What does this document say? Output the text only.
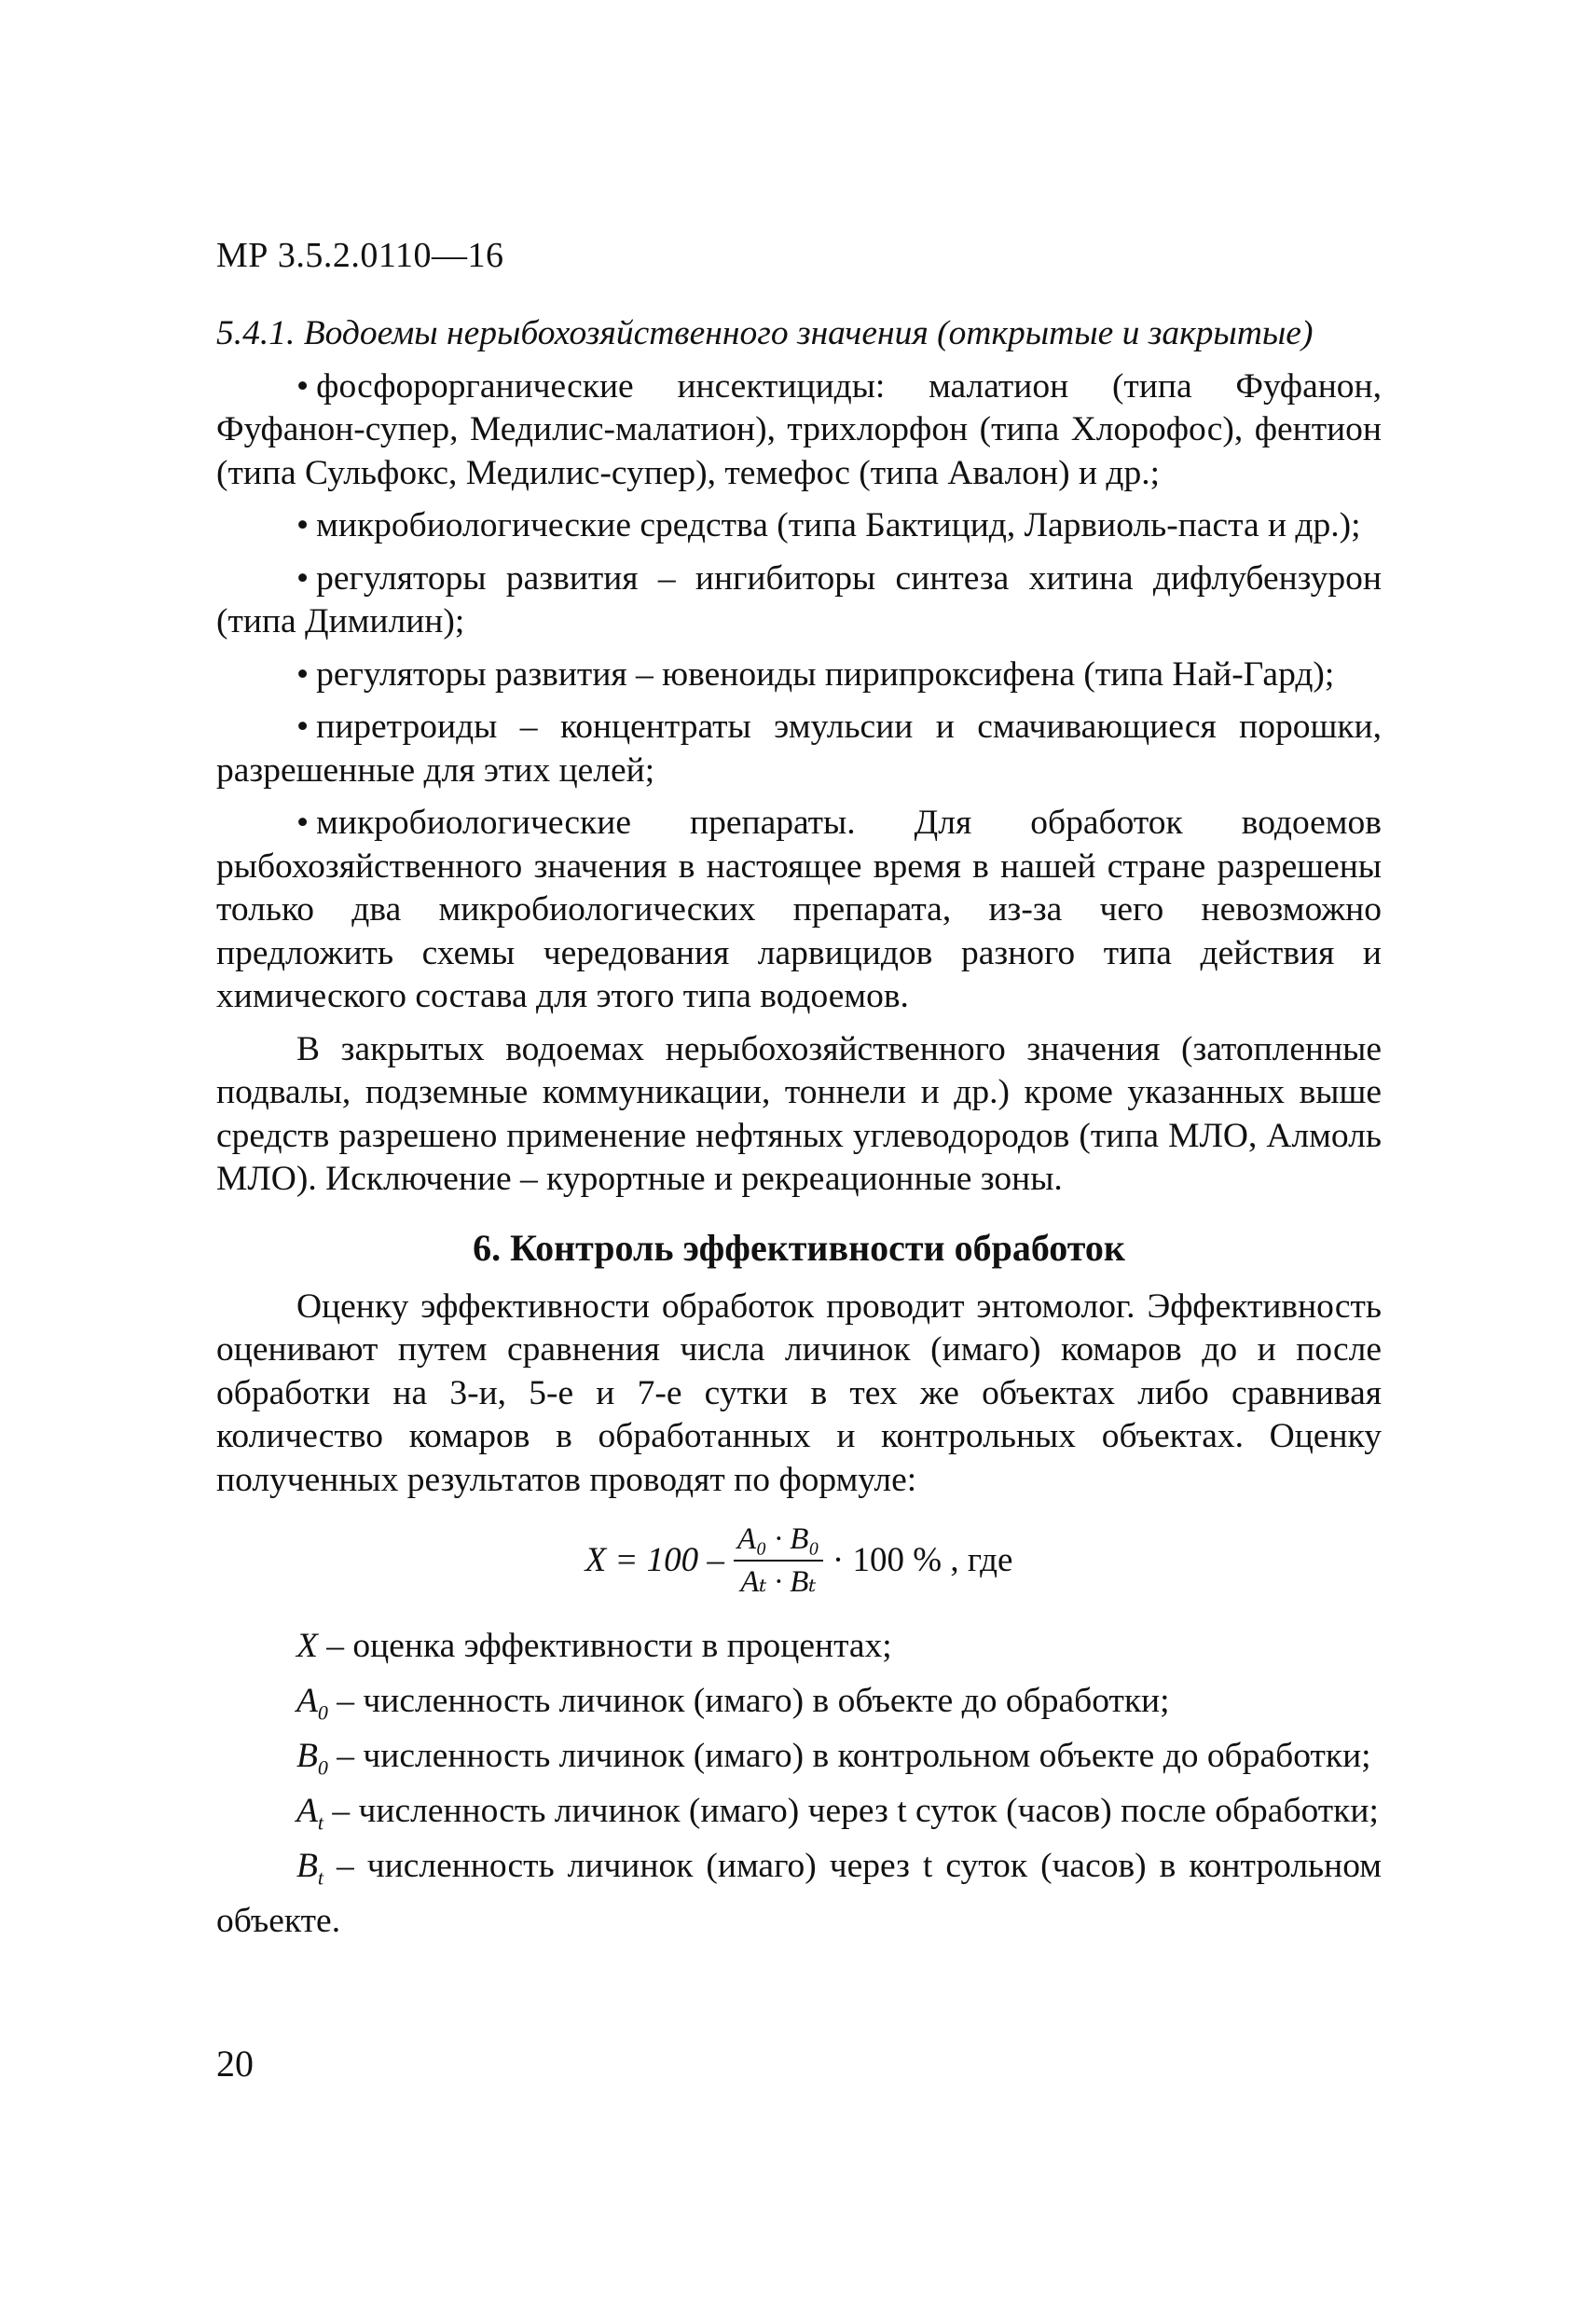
МР 3.5.2.0110—16

5.4.1. Водоемы нерыбохозяйственного значения (открытые и закрытые)

• фосфорорганические инсектициды: малатион (типа Фуфанон, Фуфанон-супер, Медилис-малатион), трихлорфон (типа Хлорофос), фентион (типа Сульфокс, Медилис-супер), темефос (типа Авалон) и др.;

• микробиологические средства (типа Бактицид, Ларвиоль-паста и др.);

• регуляторы развития – ингибиторы синтеза хитина дифлубензурон (типа Димилин);

• регуляторы развития – ювеноиды пирипроксифена (типа Най-Гард);

• пиретроиды – концентраты эмульсии и смачивающиеся порошки, разрешенные для этих целей;

• микробиологические препараты. Для обработок водоемов рыбохозяйственного значения в настоящее время в нашей стране разрешены только два микробиологических препарата, из-за чего невозможно предложить схемы чередования ларвицидов разного типа действия и химического состава для этого типа водоемов.

В закрытых водоемах нерыбохозяйственного значения (затопленные подвалы, подземные коммуникации, тоннели и др.) кроме указанных выше средств разрешено применение нефтяных углеводородов (типа МЛО, Алмоль МЛО). Исключение – курортные и рекреационные зоны.

6. Контроль эффективности обработок

Оценку эффективности обработок проводит энтомолог. Эффективность оценивают путем сравнения числа личинок (имаго) комаров до и после обработки на 3-и, 5-е и 7-е сутки в тех же объектах либо сравнивая количество комаров в обработанных и контрольных объектах. Оценку полученных результатов проводят по формуле:

$X = 100 - \frac{\text{A₀ · B₀}}{\text{Aₜ · Bₜ}} \cdot 100$ % , где

X – оценка эффективности в процентах;

$A_0$ – численность личинок (имаго) в объекте до обработки;

$B_0$ – численность личинок (имаго) в контрольном объекте до обработки;

$A_t$ – численность личинок (имаго) через t суток (часов) после обработки;

$B_t$ – численность личинок (имаго) через t суток (часов) в контрольном объекте.

20
